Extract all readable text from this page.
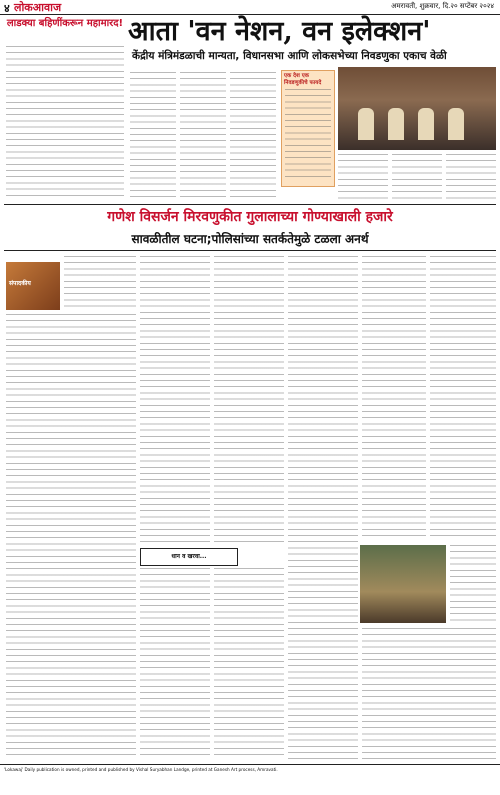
४ लोकआवाज	अमरावती, शुक्रवार, दि.२० सप्टेंबर २०२४
लाडक्या बहिणींकरून महामारद! आता 'वन नेशन, वन इलेक्शन'
केंद्रीय मंत्रिमंडळाची मान्यता, विधानसभा आणि लोकसभेच्या निवडणुका एकाच वेळी
एक देश एक निवडणुकीचे फायदे
गणेश विसर्जन मिरवणुकीत गुलालाच्या गोण्याखाली हजारे
सावळीतील घटना;पोलिसांच्या सतर्कतेमुळे टळला अनर्थ
संपादकीय
धान व खरवा...
'Lokawaj' Daily publication is owned, printed and published by Vishal Suryabhan Landge, printed at Ganesh Art process, Amravati.
